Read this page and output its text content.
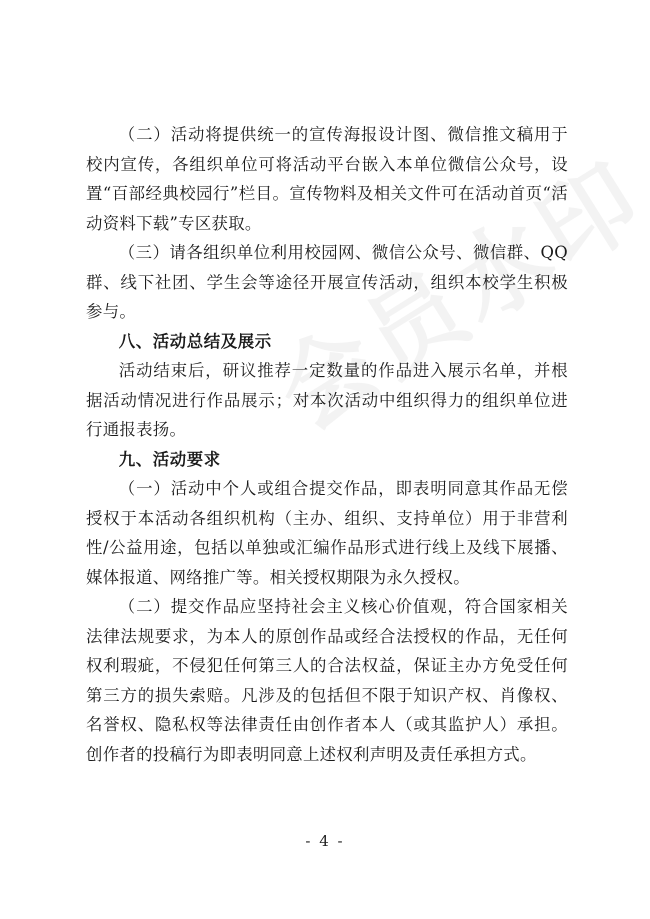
（二）活动将提供统一的宣传海报设计图、微信推文稿用于校内宣传，各组织单位可将活动平台嵌入本单位微信公众号，设置“百部经典校园行”栏目。宣传物料及相关文件可在活动首页“活动资料下载”专区获取。

（三）请各组织单位利用校园网、微信公众号、微信群、QQ群、线下社团、学生会等途径开展宣传活动，组织本校学生积极参与。

八、活动总结及展示

活动结束后，研议推荐一定数量的作品进入展示名单，并根据活动情况进行作品展示；对本次活动中组织得力的组织单位进行通报表扬。

九、活动要求

（一）活动中个人或组合提交作品，即表明同意其作品无偿授权于本活动各组织机构（主办、组织、支持单位）用于非营利性/公益用途，包括以单独或汇编作品形式进行线上及线下展播、媒体报道、网络推广等。相关授权期限为永久授权。

（二）提交作品应坚持社会主义核心价值观，符合国家相关法律法规要求，为本人的原创作品或经合法授权的作品，无任何权利瑕疵，不侵犯任何第三人的合法权益，保证主办方免受任何第三方的损失索赔。凡涉及的包括但不限于知识产权、肖像权、名誉权、隐私权等法律责任由创作者本人（或其监护人）承担。创作者的投稿行为即表明同意上述权利声明及责任承担方式。

- 4 -
